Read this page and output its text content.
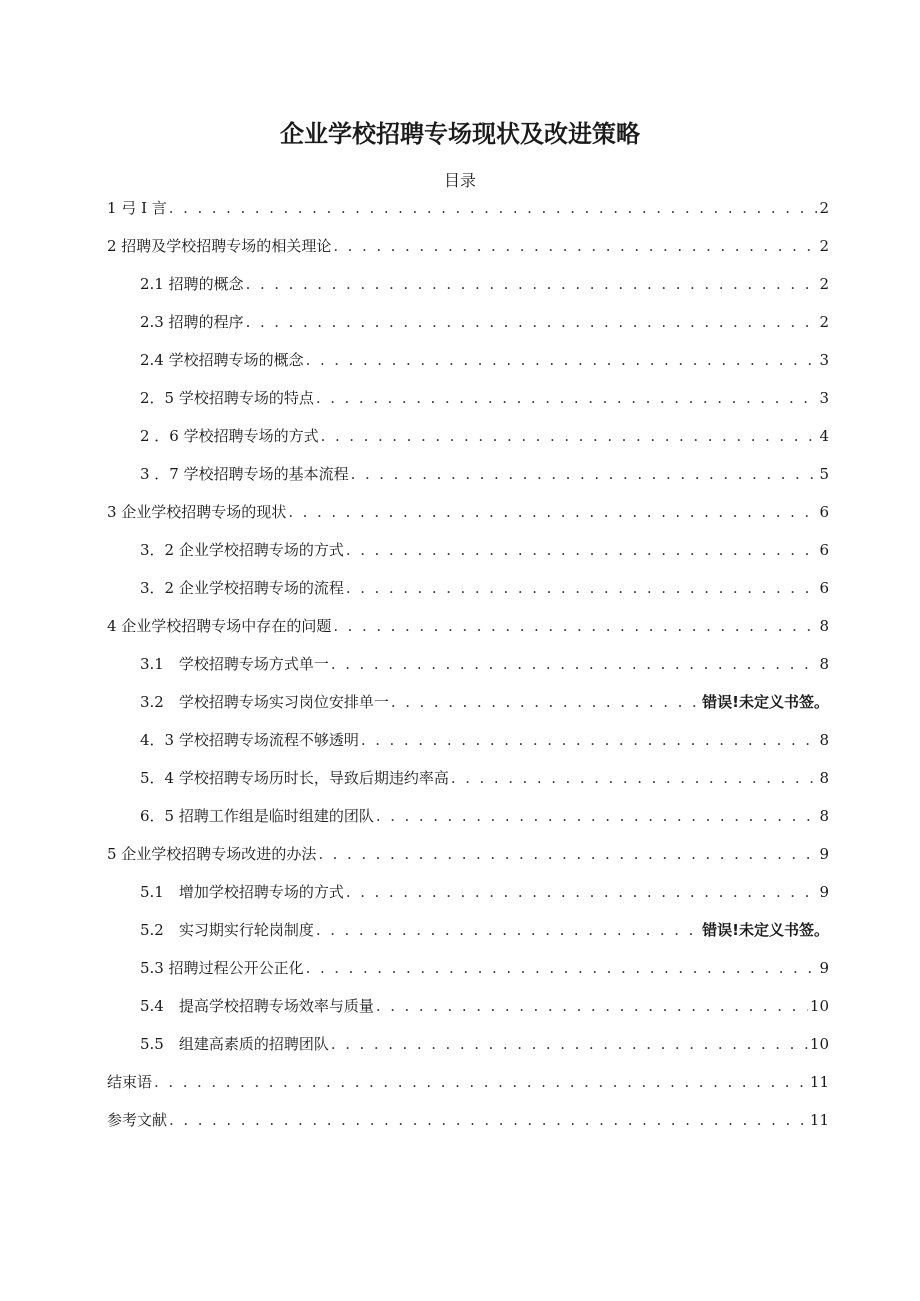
企业学校招聘专场现状及改进策略
目录
1 弓 I 言 . . .	2
2 招聘及学校招聘专场的相关理论 . . .	2
2.1 招聘的概念 . . .	2
2.3 招聘的程序 . . .	2
2.4 学校招聘专场的概念 . . .	3
2．5 学校招聘专场的特点 . . .	3
2 ．6 学校招聘专场的方式 . . .	4
3 ．7 学校招聘专场的基本流程 . . .	5
3 企业学校招聘专场的现状 . . .	6
3．2 企业学校招聘专场的方式 . . .	6
3．2 企业学校招聘专场的流程 . . .	6
4 企业学校招聘专场中存在的问题 . . .	8
3.1　学校招聘专场方式单一 . . .	8
3.2　学校招聘专场实习岗位安排单一 . . .	错误!未定义书签。
4．3 学校招聘专场流程不够透明 . . .	8
5．4 学校招聘专场历时长，导致后期违约率高 . . .	8
6．5 招聘工作组是临时组建的团队 . . .	8
5 企业学校招聘专场改进的办法 . . .	9
5.1　增加学校招聘专场的方式 . . .	9
5.2　实习期实行轮岗制度 . . .	错误!未定义书签。
5.3 招聘过程公开公正化 . . .	9
5.4　提高学校招聘专场效率与质量 . . .	10
5.5　组建高素质的招聘团队 . . .	10
结束语 . . .	11
参考文献 . . .	11
